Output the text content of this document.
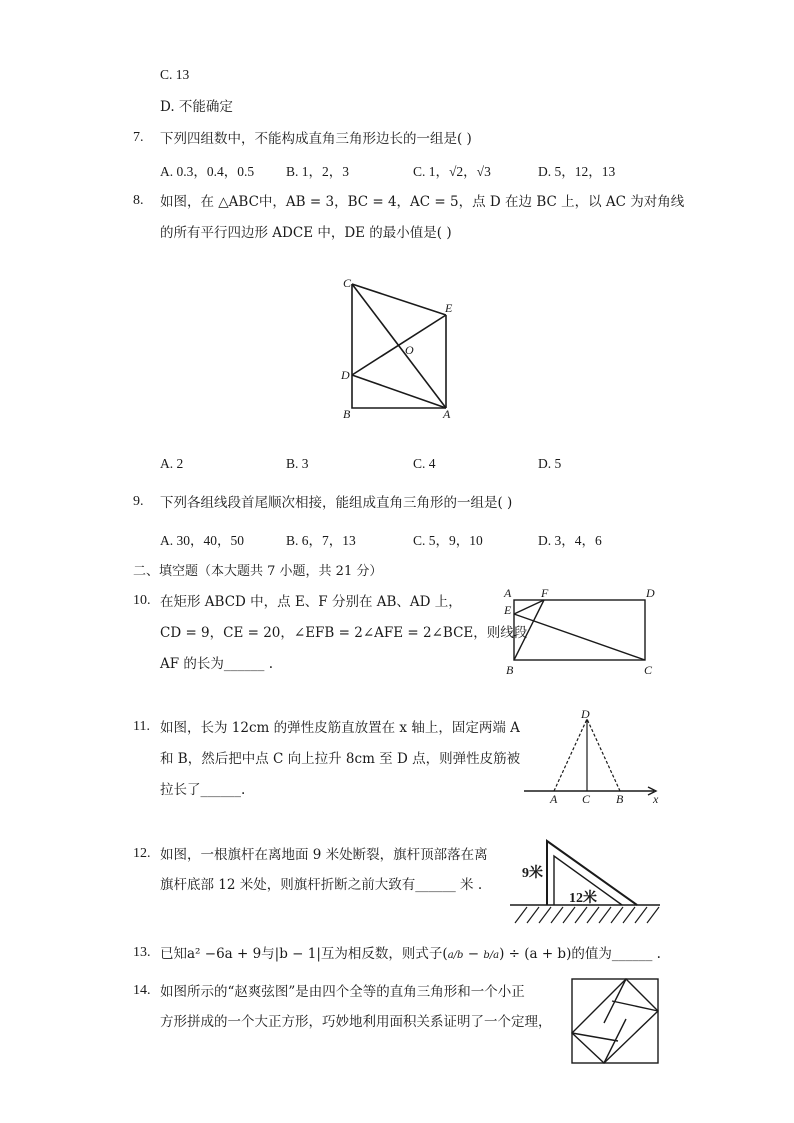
C. 13
D. 不能确定
7. 下列四组数中，不能构成直角三角形边长的一组是( )
A. 0.3，0.4，0.5 B. 1，2，3	C. 1，√2，√3	D. 5，12，13
8. 如图，在 △ABC中，AB = 3，BC = 4，AC = 5，点 D 在边 BC 上，以 AC 为对角线
的所有平行四边形 ADCE 中，DE 的最小值是( )
C
E
O
D
B	A
A. 2	B. 3	C. 4	D. 5
9. 下列各组线段首尾顺次相接，能组成直角三角形的一组是( )
A. 30，40，50	B. 6，7，13	C. 5，9，10	D. 3，4，6
二、填空题（本大题共 7 小题，共 21 分）
10. 在矩形 ABCD 中，点 E、F 分别在 AB、AD 上，
CD = 9，CE = 20，∠EFB = 2∠AFE = 2∠BCE，则线段
AF 的长为______ .
A F	D
E
B	C
11. 如图，长为 12cm 的弹性皮筋直放置在 x 轴上，固定两端 A
和 B，然后把中点 C 向上拉升 8cm 至 D 点，则弹性皮筋被
拉长了______.
D
A C B x
12. 如图，一根旗杆在离地面 9 米处断裂，旗杆顶部落在离
旗杆底部 12 米处，则旗杆折断之前大致有______ 米 .
9米
12米
13. 已知a² −6a + 9与|b − 1|互为相反数，则式子(a/b − b/a) ÷ (a + b)的值为______ .
14. 如图所示的“赵爽弦图”是由四个全等的直角三角形和一个小正
方形拼成的一个大正方形，巧妙地利用面积关系证明了一个定理，
